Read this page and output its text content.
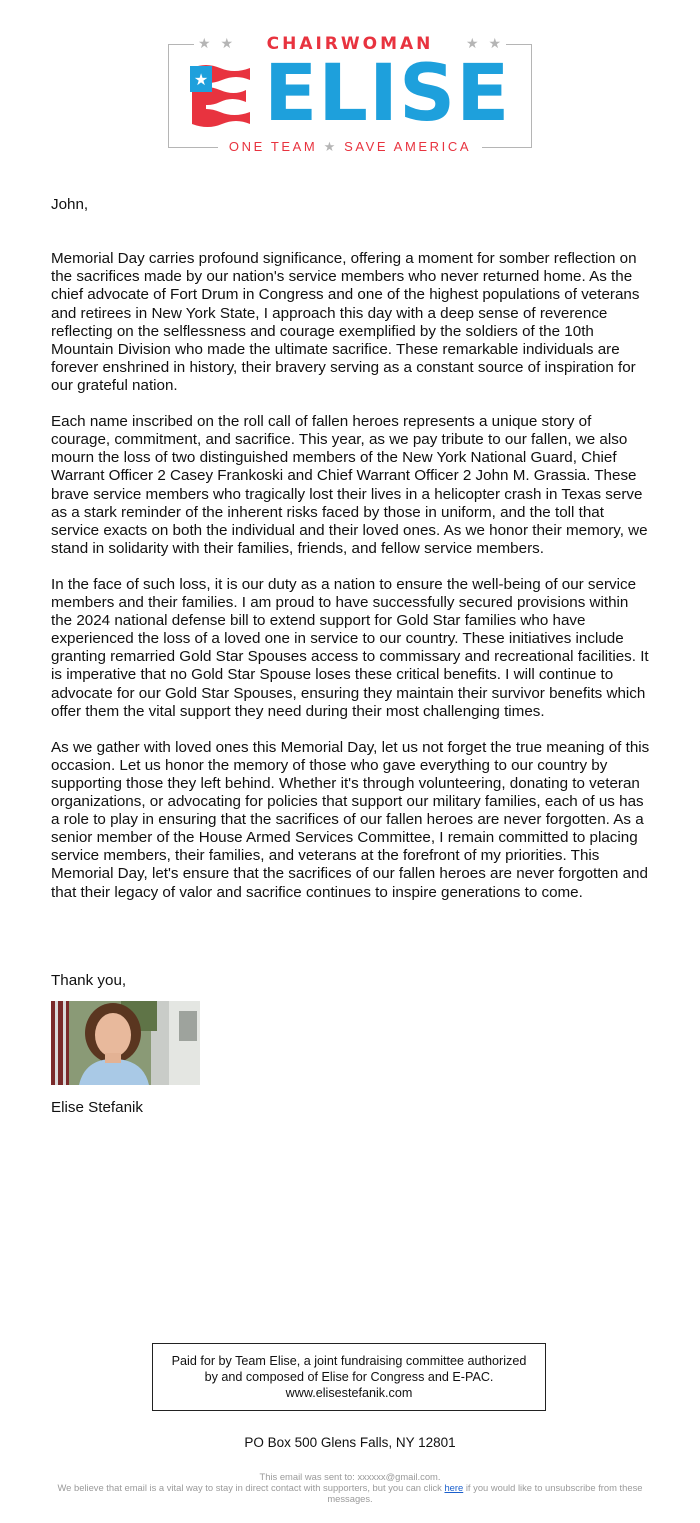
★ ★	CHAIRWOMAN	★ ★
★ ELISE
ONE TEAM ★ SAVE AMERICA

John,

Memorial Day carries profound significance, offering a moment for somber reflection on the sacrifices made by our nation's service members who never returned home. As the chief advocate of Fort Drum in Congress and one of the highest populations of veterans and retirees in New York State, I approach this day with a deep sense of reverence reflecting on the selflessness and courage exemplified by the soldiers of the 10th Mountain Division who made the ultimate sacrifice. These remarkable individuals are forever enshrined in history, their bravery serving as a constant source of inspiration for our grateful nation.

Each name inscribed on the roll call of fallen heroes represents a unique story of courage, commitment, and sacrifice. This year, as we pay tribute to our fallen, we also mourn the loss of two distinguished members of the New York National Guard, Chief Warrant Officer 2 Casey Frankoski and Chief Warrant Officer 2 John M. Grassia. These brave service members who tragically lost their lives in a helicopter crash in Texas serve as a stark reminder of the inherent risks faced by those in uniform, and the toll that service exacts on both the individual and their loved ones. As we honor their memory, we stand in solidarity with their families, friends, and fellow service members.

In the face of such loss, it is our duty as a nation to ensure the well-being of our service members and their families. I am proud to have successfully secured provisions within the 2024 national defense bill to extend support for Gold Star families who have experienced the loss of a loved one in service to our country. These initiatives include granting remarried Gold Star Spouses access to commissary and recreational facilities. It is imperative that no Gold Star Spouse loses these critical benefits. I will continue to advocate for our Gold Star Spouses, ensuring they maintain their survivor benefits which offer them the vital support they need during their most challenging times.

As we gather with loved ones this Memorial Day, let us not forget the true meaning of this occasion. Let us honor the memory of those who gave everything to our country by supporting those they left behind. Whether it's through volunteering, donating to veteran organizations, or advocating for policies that support our military families, each of us has a role to play in ensuring that the sacrifices of our fallen heroes are never forgotten. As a senior member of the House Armed Services Committee, I remain committed to placing service members, their families, and veterans at the forefront of my priorities. This Memorial Day, let's ensure that the sacrifices of our fallen heroes are never forgotten and that their legacy of valor and sacrifice continues to inspire generations to come.

Thank you,
Elise Stefanik
Paid for by Team Elise, a joint fundraising committee authorized by and composed of Elise for Congress and E-PAC. www.elisestefanik.com
PO Box 500 Glens Falls, NY 12801
This email was sent to: xxxxxx@gmail.com.
We believe that email is a vital way to stay in direct contact with supporters, but you can click here if you would like to unsubscribe from these messages.
